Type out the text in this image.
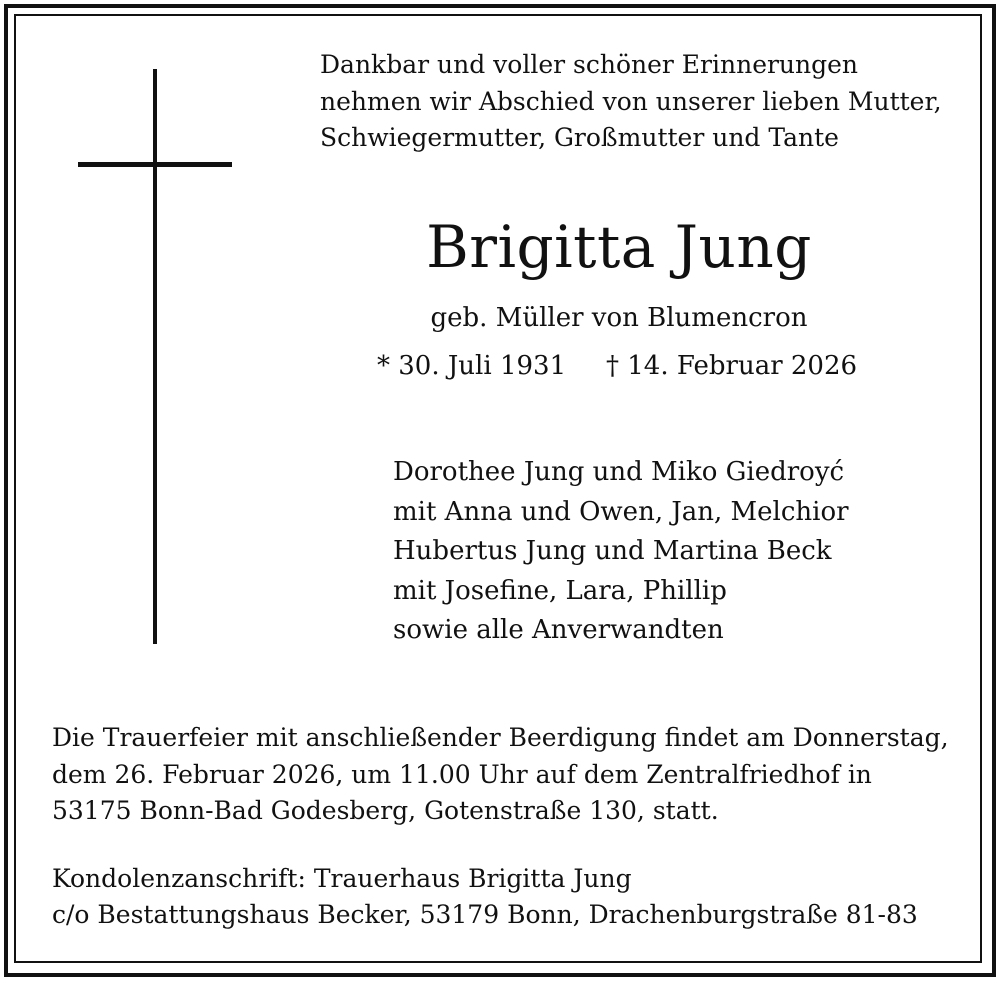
Dankbar und voller schöner Erinnerungen
nehmen wir Abschied von unserer lieben Mutter,
Schwiegermutter, Großmutter und Tante
Brigitta Jung
geb. Müller von Blumencron
* 30. Juli 1931 † 14. Februar 2026
Dorothee Jung und Miko Giedroyć
mit Anna und Owen, Jan, Melchior
Hubertus Jung und Martina Beck
mit Josefine, Lara, Phillip
sowie alle Anverwandten
Die Trauerfeier mit anschließender Beerdigung findet am Donnerstag,
dem 26. Februar 2026, um 11.00 Uhr auf dem Zentralfriedhof in
53175 Bonn-Bad Godesberg, Gotenstraße 130, statt.
Kondolenzanschrift: Trauerhaus Brigitta Jung
c/o Bestattungshaus Becker, 53179 Bonn, Drachenburgstraße 81-83
